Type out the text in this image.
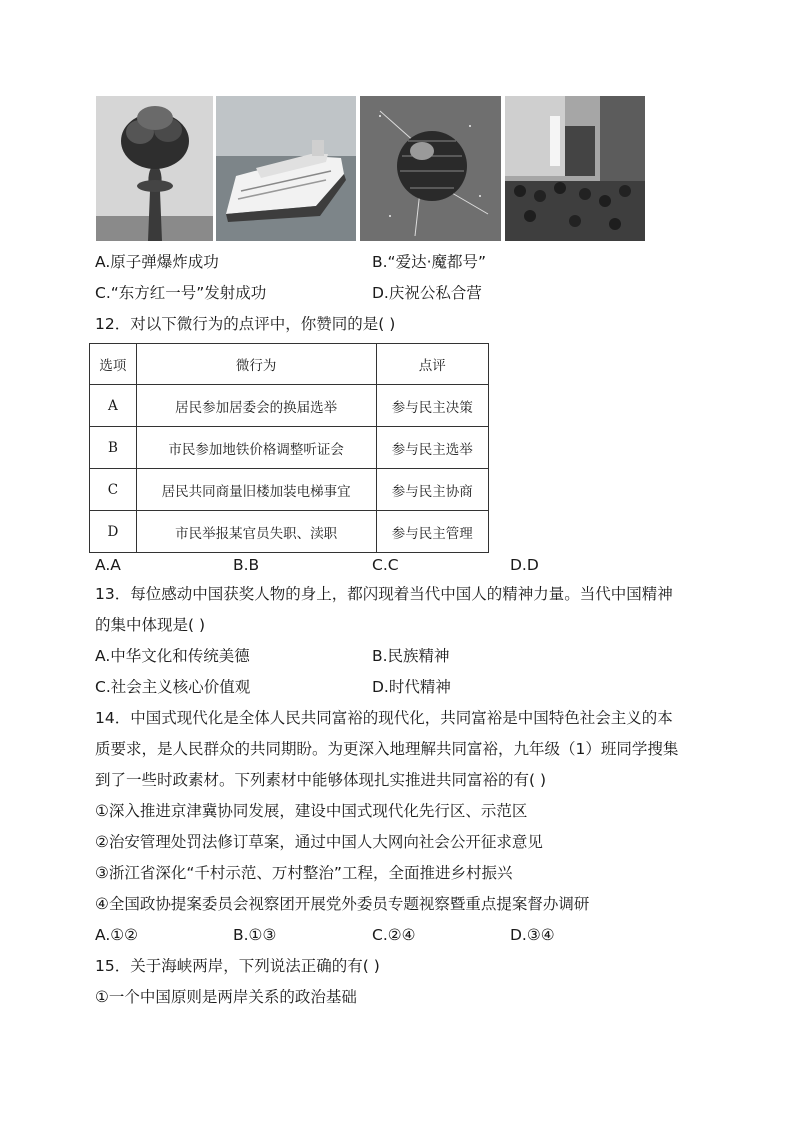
A.原子弹爆炸成功	B.“爱达·魔都号”
C.“东方红一号”发射成功	D.庆祝公私合营
12．对以下微行为的点评中，你赞同的是( )
选项	微行为	点评
A	居民参加居委会的换届选举	参与民主决策
B	市民参加地铁价格调整听证会	参与民主选举
C	居民共同商量旧楼加装电梯事宜	参与民主协商
D	市民举报某官员失职、渎职	参与民主管理
A.A	B.B	C.C	D.D
13．每位感动中国获奖人物的身上，都闪现着当代中国人的精神力量。当代中国精神
的集中体现是( )
A.中华文化和传统美德	B.民族精神
C.社会主义核心价值观	D.时代精神
14．中国式现代化是全体人民共同富裕的现代化，共同富裕是中国特色社会主义的本
质要求，是人民群众的共同期盼。为更深入地理解共同富裕，九年级（1）班同学搜集
到了一些时政素材。下列素材中能够体现扎实推进共同富裕的有( )
①深入推进京津冀协同发展，建设中国式现代化先行区、示范区
②治安管理处罚法修订草案，通过中国人大网向社会公开征求意见
③浙江省深化“千村示范、万村整治”工程，全面推进乡村振兴
④全国政协提案委员会视察团开展党外委员专题视察暨重点提案督办调研
A.①②	B.①③	C.②④	D.③④
15．关于海峡两岸，下列说法正确的有( )
①一个中国原则是两岸关系的政治基础
